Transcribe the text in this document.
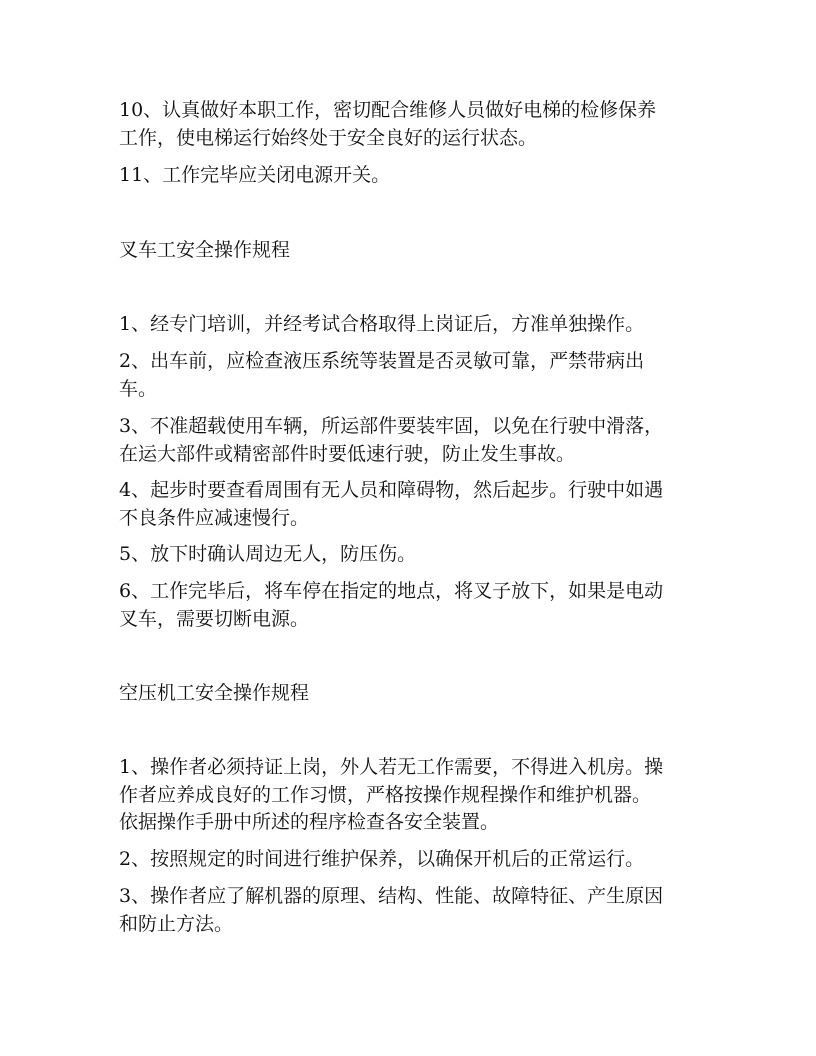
10、认真做好本职工作，密切配合维修人员做好电梯的检修保养
工作，使电梯运行始终处于安全良好的运行状态。
11、工作完毕应关闭电源开关。
叉车工安全操作规程
1、经专门培训，并经考试合格取得上岗证后，方准单独操作。
2、出车前，应检查液压系统等装置是否灵敏可靠，严禁带病出
车。
3、不准超载使用车辆，所运部件要装牢固，以免在行驶中滑落，
在运大部件或精密部件时要低速行驶，防止发生事故。
4、起步时要查看周围有无人员和障碍物，然后起步。行驶中如遇
不良条件应减速慢行。
5、放下时确认周边无人，防压伤。
6、工作完毕后，将车停在指定的地点，将叉子放下，如果是电动
叉车，需要切断电源。
空压机工安全操作规程
1、操作者必须持证上岗，外人若无工作需要，不得进入机房。操
作者应养成良好的工作习惯，严格按操作规程操作和维护机器。
依据操作手册中所述的程序检查各安全装置。
2、按照规定的时间进行维护保养，以确保开机后的正常运行。
3、操作者应了解机器的原理、结构、性能、故障特征、产生原因
和防止方法。
